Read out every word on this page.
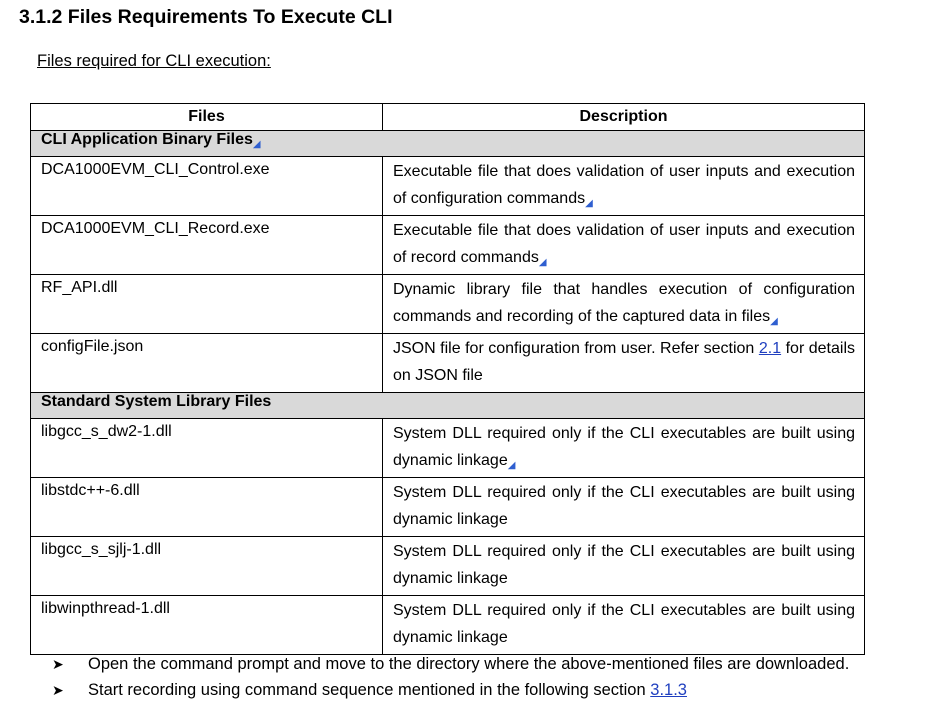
3.1.2 Files Requirements To Execute CLI
Files required for CLI execution:
Files	Description
CLI Application Binary Files◢	
DCA1000EVM_CLI_Control.exe	Executable file that does validation of user inputs and execution of configuration commands◢
DCA1000EVM_CLI_Record.exe	Executable file that does validation of user inputs and execution of record commands◢
RF_API.dll	Dynamic library file that handles execution of configuration commands and recording of the captured data in files◢
configFile.json	JSON file for configuration from user. Refer section 2.1 for details on JSON file
Standard System Library Files	
libgcc_s_dw2-1.dll	System DLL required only if the CLI executables are built using dynamic linkage◢
libstdc++-6.dll	System DLL required only if the CLI executables are built using dynamic linkage
libgcc_s_sjlj-1.dll	System DLL required only if the CLI executables are built using dynamic linkage
libwinpthread-1.dll	System DLL required only if the CLI executables are built using dynamic linkage
➤ Open the command prompt and move to the directory where the above-mentioned files are downloaded.
➤ Start recording using command sequence mentioned in the following section 3.1.3
